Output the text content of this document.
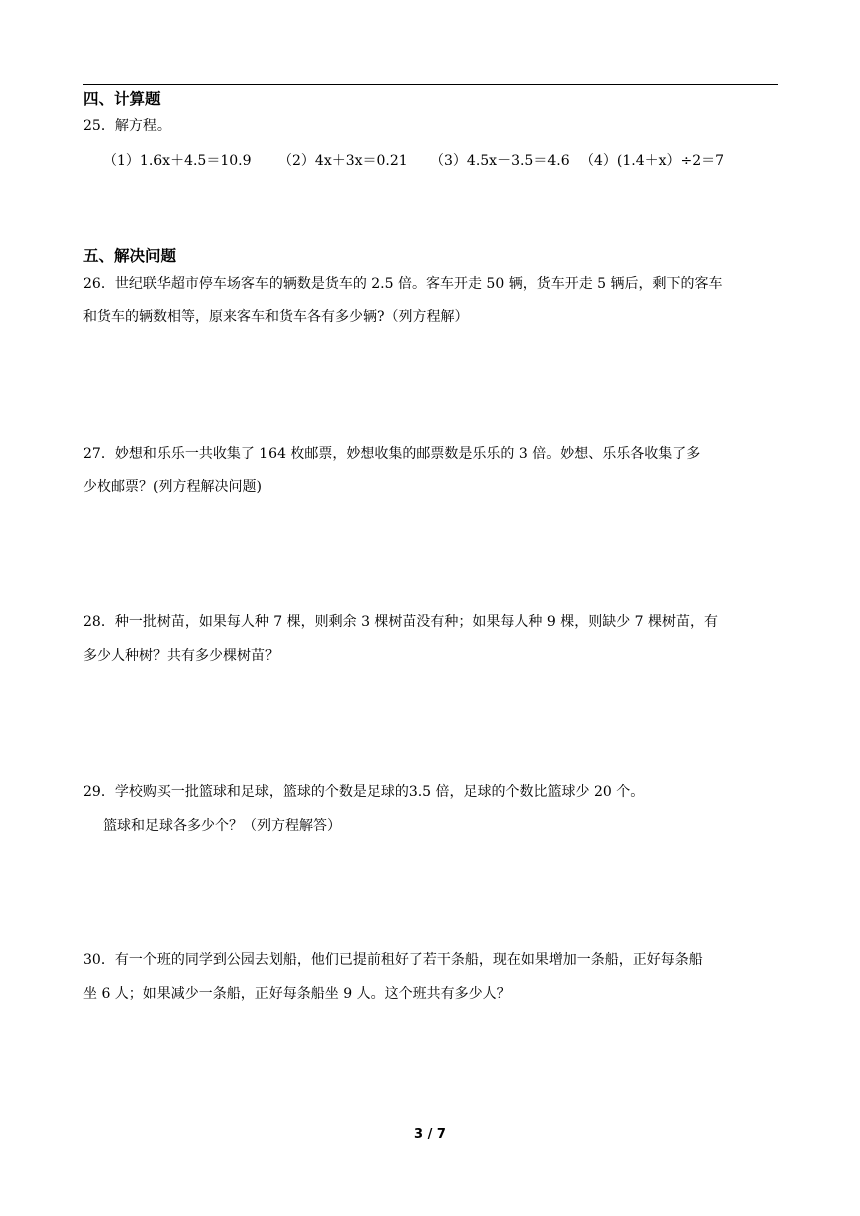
四、计算题
25．解方程。
（1）1.6x＋4.5＝10.9 （2）4x＋3x＝0.21 （3）4.5x－3.5＝4.6 （4）(1.4＋x）÷2＝7
五、解决问题
26．世纪联华超市停车场客车的辆数是货车的 2.5 倍。客车开走 50 辆，货车开走 5 辆后，剩下的客车
和货车的辆数相等，原来客车和货车各有多少辆?（列方程解）
27．妙想和乐乐一共收集了 164 枚邮票，妙想收集的邮票数是乐乐的 3 倍。妙想、乐乐各收集了多
少枚邮票？(列方程解决问题)
28．种一批树苗，如果每人种 7 棵，则剩余 3 棵树苗没有种；如果每人种 9 棵，则缺少 7 棵树苗，有
多少人种树？共有多少棵树苗？
29．学校购买一批篮球和足球，篮球的个数是足球的3.5 倍，足球的个数比篮球少 20 个。
篮球和足球各多少个？（列方程解答）
30．有一个班的同学到公园去划船，他们已提前租好了若干条船，现在如果增加一条船，正好每条船
坐 6 人；如果减少一条船，正好每条船坐 9 人。这个班共有多少人？
3 / 7
